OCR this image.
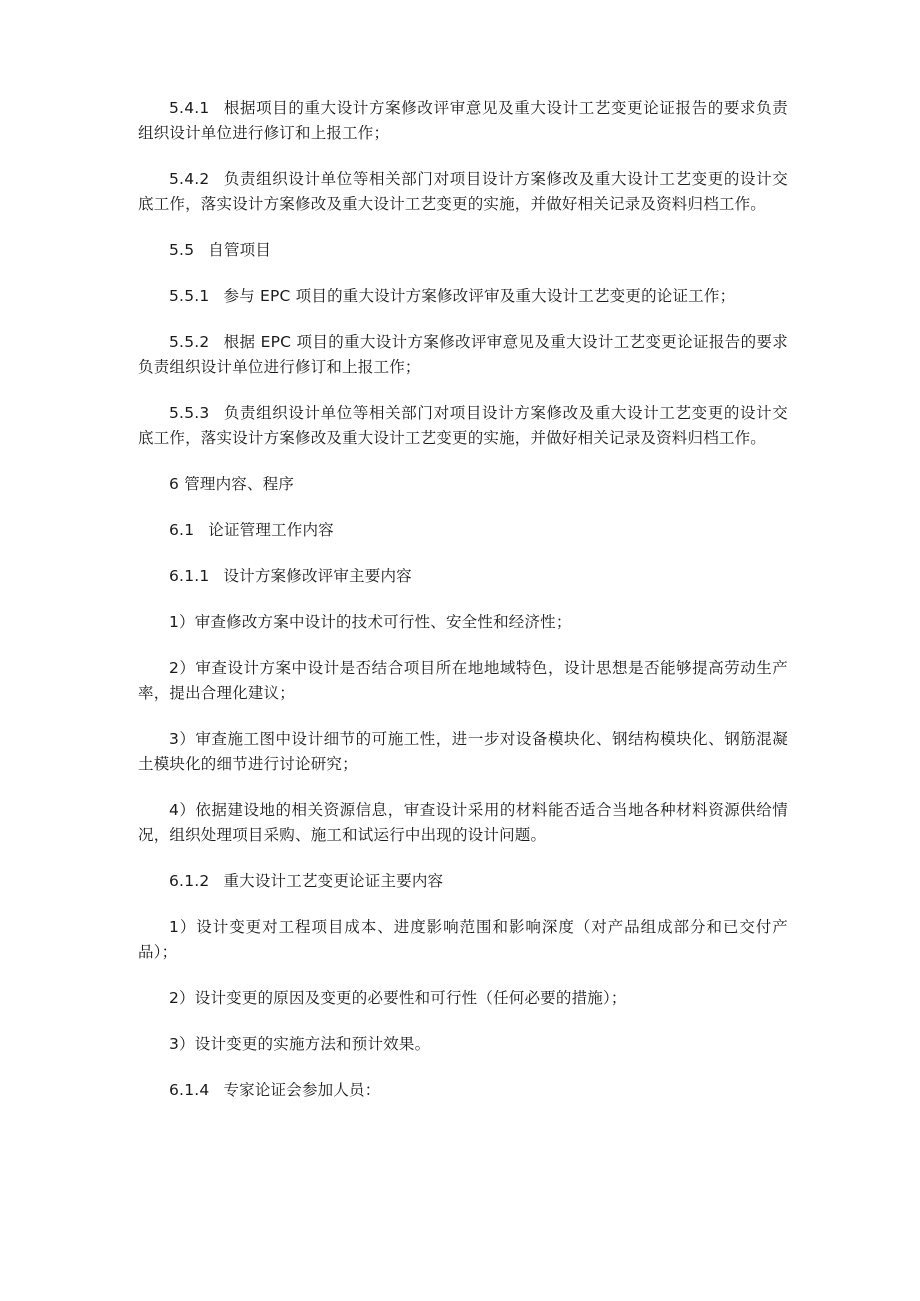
5.4.1 根据项目的重大设计方案修改评审意见及重大设计工艺变更论证报告的要求负责组织设计单位进行修订和上报工作；

5.4.2 负责组织设计单位等相关部门对项目设计方案修改及重大设计工艺变更的设计交底工作，落实设计方案修改及重大设计工艺变更的实施，并做好相关记录及资料归档工作。

5.5 自管项目

5.5.1 参与 EPC 项目的重大设计方案修改评审及重大设计工艺变更的论证工作；

5.5.2 根据 EPC 项目的重大设计方案修改评审意见及重大设计工艺变更论证报告的要求负责组织设计单位进行修订和上报工作；

5.5.3 负责组织设计单位等相关部门对项目设计方案修改及重大设计工艺变更的设计交底工作，落实设计方案修改及重大设计工艺变更的实施，并做好相关记录及资料归档工作。

6 管理内容、程序

6.1 论证管理工作内容

6.1.1 设计方案修改评审主要内容

1）审查修改方案中设计的技术可行性、安全性和经济性；

2）审查设计方案中设计是否结合项目所在地地域特色，设计思想是否能够提高劳动生产率，提出合理化建议；

3）审查施工图中设计细节的可施工性，进一步对设备模块化、钢结构模块化、钢筋混凝土模块化的细节进行讨论研究；

4）依据建设地的相关资源信息，审查设计采用的材料能否适合当地各种材料资源供给情况，组织处理项目采购、施工和试运行中出现的设计问题。

6.1.2 重大设计工艺变更论证主要内容

1）设计变更对工程项目成本、进度影响范围和影响深度（对产品组成部分和已交付产品）；

2）设计变更的原因及变更的必要性和可行性（任何必要的措施）；

3）设计变更的实施方法和预计效果。

6.1.4 专家论证会参加人员：
